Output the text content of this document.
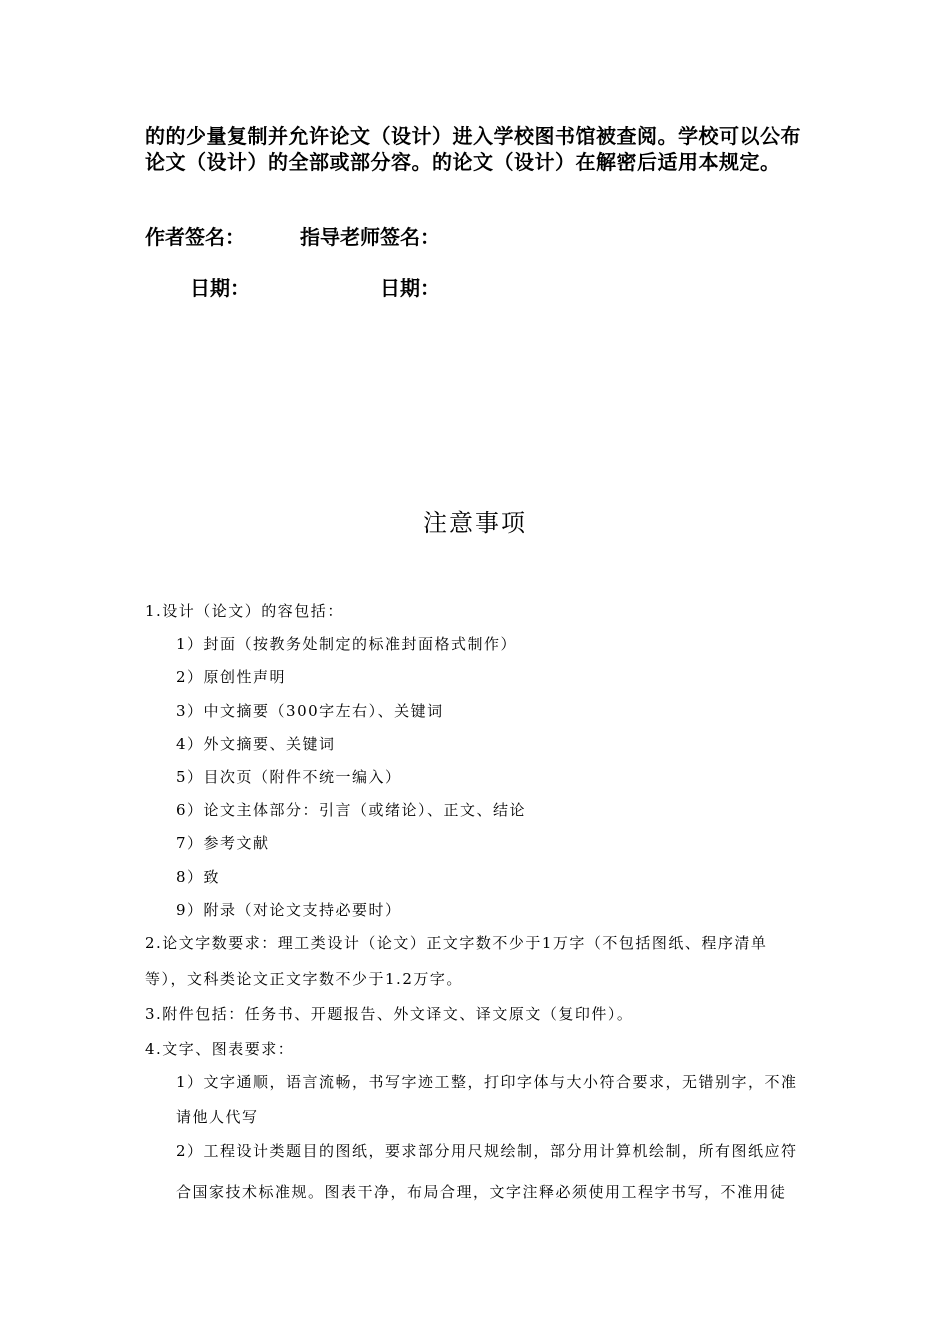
的的少量复制并允许论文（设计）进入学校图书馆被查阅。学校可以公布论文（设计）的全部或部分容。的论文（设计）在解密后适用本规定。
作者签名：	指导老师签名：
日期：	日期：
注意事项
1.设计（论文）的容包括：
1）封面（按教务处制定的标准封面格式制作）
2）原创性声明
3）中文摘要（300字左右）、关键词
4）外文摘要、关键词
5）目次页（附件不统一编入）
6）论文主体部分：引言（或绪论）、正文、结论
7）参考文献
8）致
9）附录（对论文支持必要时）
2.论文字数要求：理工类设计（论文）正文字数不少于1万字（不包括图纸、程序清单
等），文科类论文正文字数不少于1.2万字。
3.附件包括：任务书、开题报告、外文译文、译文原文（复印件）。
4.文字、图表要求：
1）文字通顺，语言流畅，书写字迹工整，打印字体与大小符合要求，无错别字，不准
请他人代写
2）工程设计类题目的图纸，要求部分用尺规绘制，部分用计算机绘制，所有图纸应符
合国家技术标准规。图表干净，布局合理，文字注释必须使用工程字书写，不准用徒
